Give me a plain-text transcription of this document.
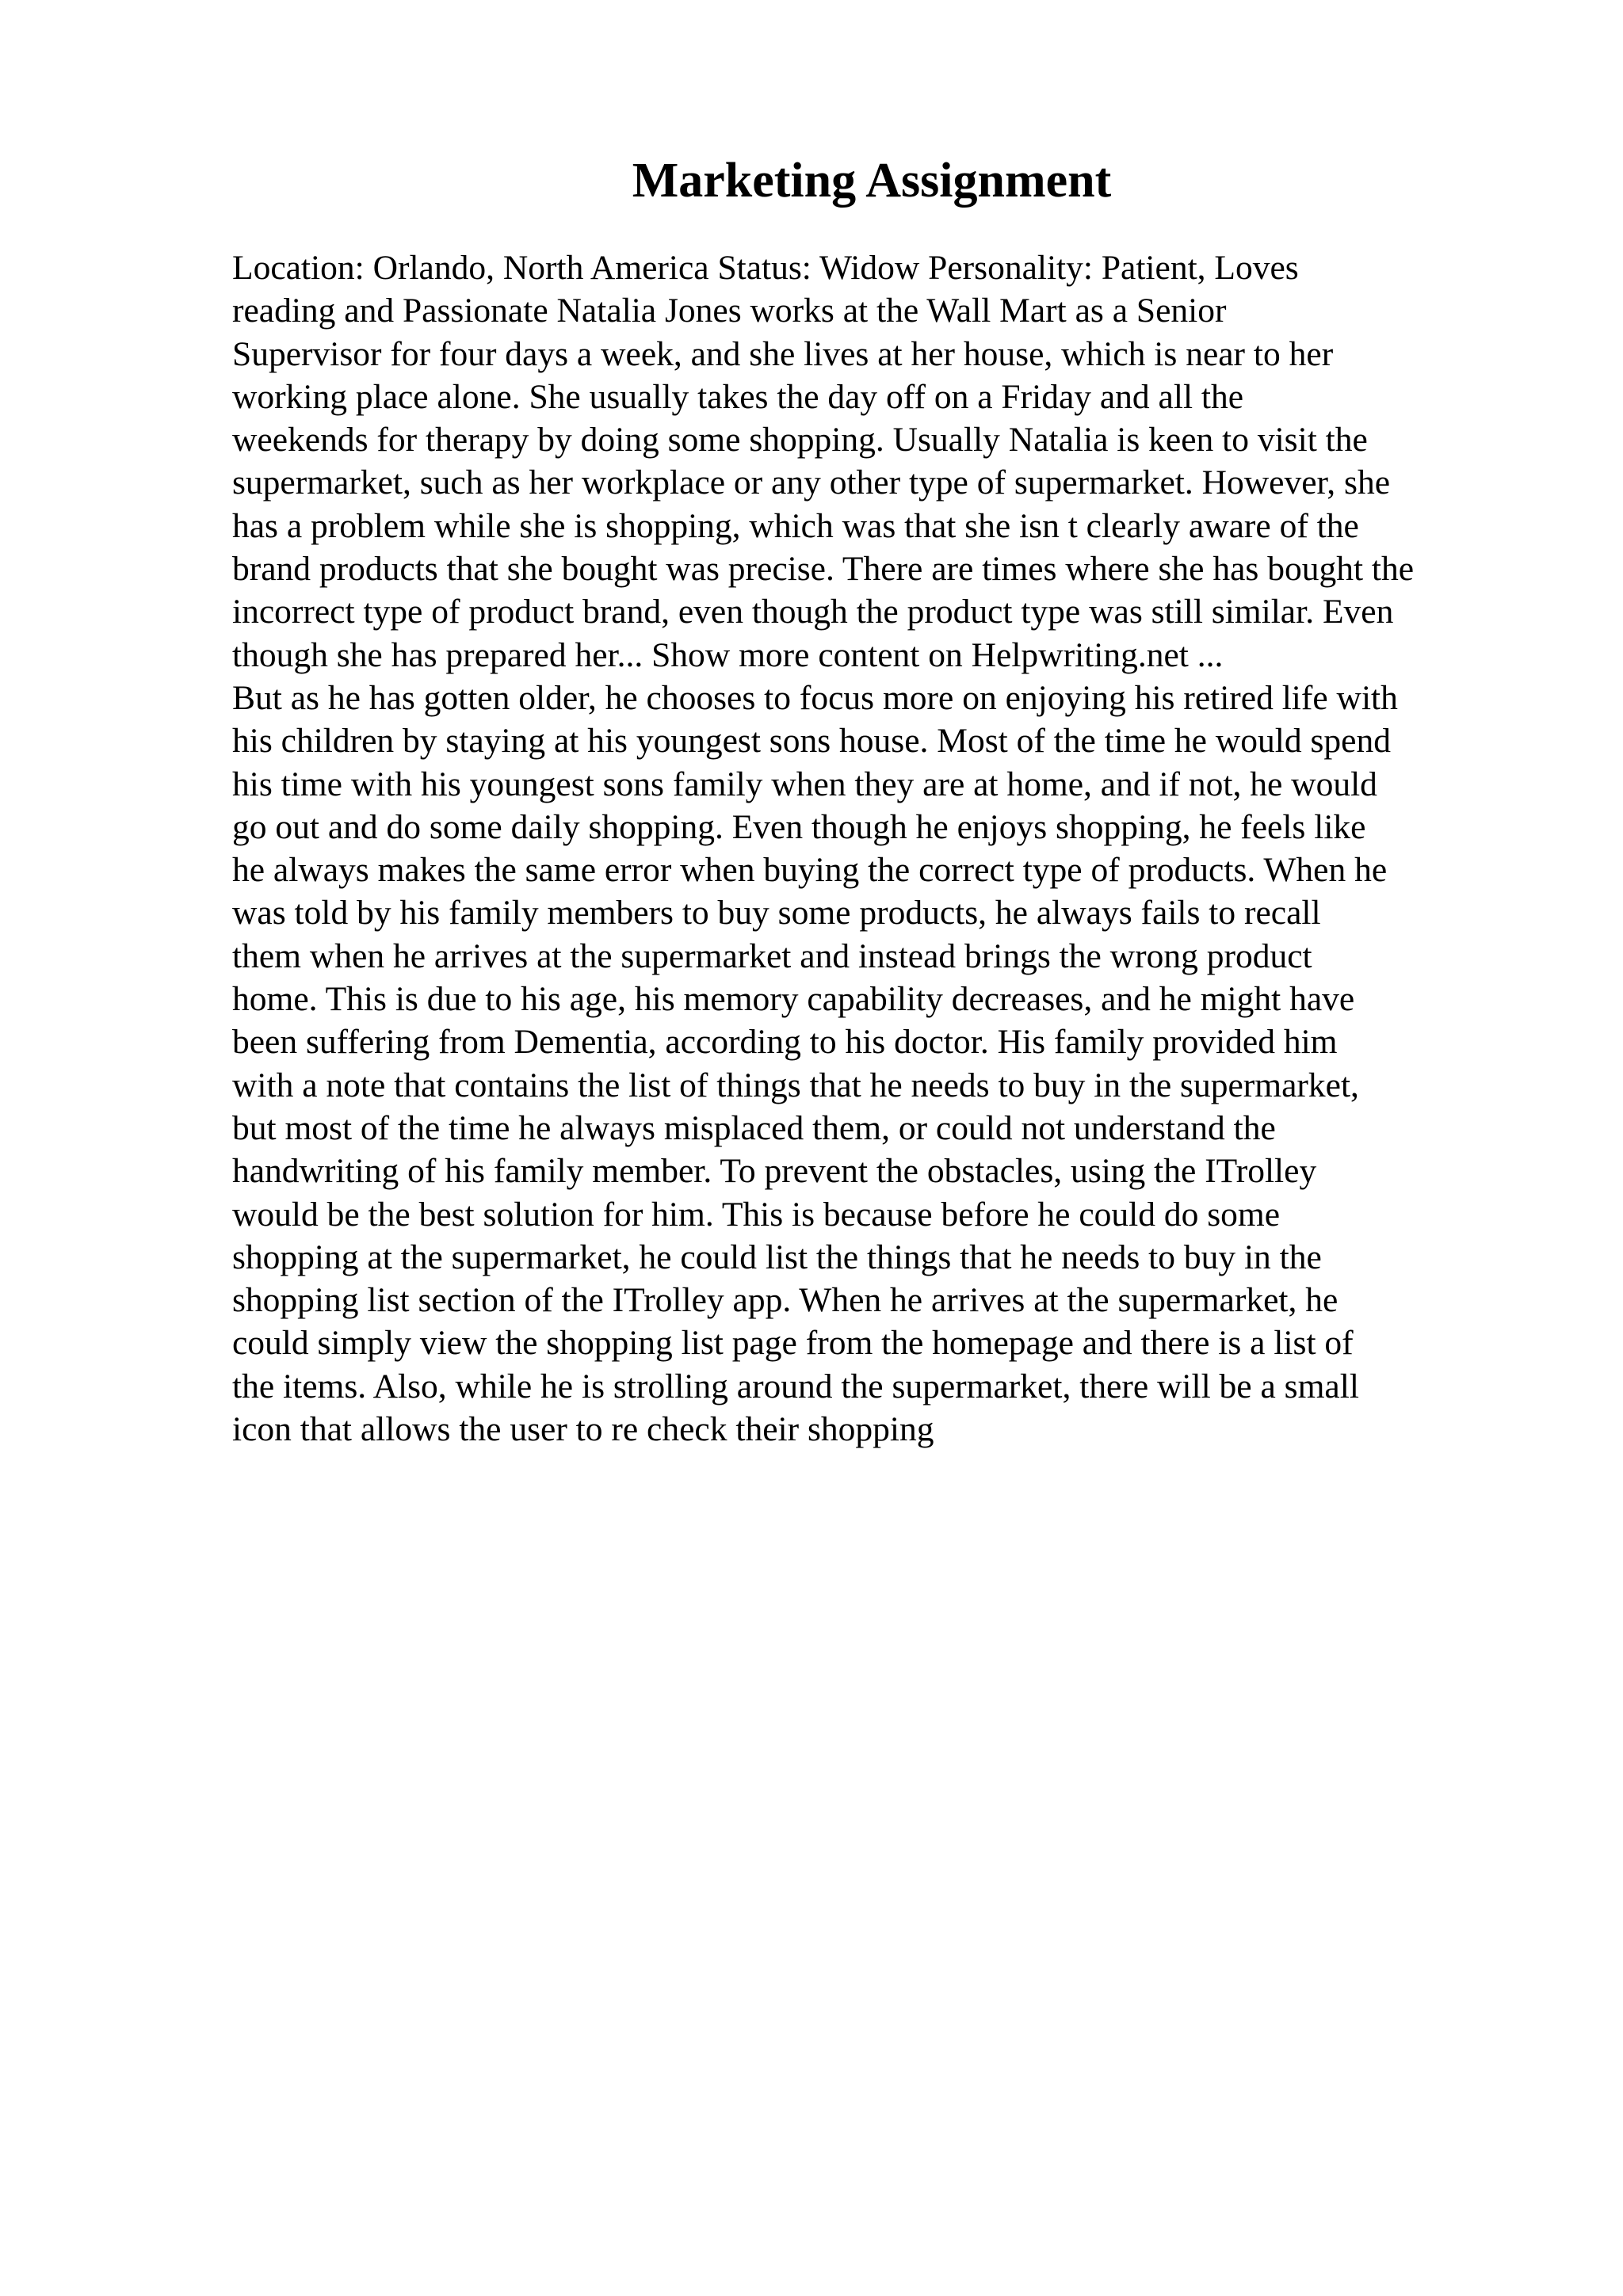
Marketing Assignment
Location: Orlando, North America Status: Widow Personality: Patient, Loves
reading and Passionate Natalia Jones works at the Wall Mart as a Senior
Supervisor for four days a week, and she lives at her house, which is near to her
working place alone. She usually takes the day off on a Friday and all the
weekends for therapy by doing some shopping. Usually Natalia is keen to visit the
supermarket, such as her workplace or any other type of supermarket. However, she
has a problem while she is shopping, which was that she isn t clearly aware of the
brand products that she bought was precise. There are times where she has bought the
incorrect type of product brand, even though the product type was still similar. Even
though she has prepared her... Show more content on Helpwriting.net ...
But as he has gotten older, he chooses to focus more on enjoying his retired life with
his children by staying at his youngest sons house. Most of the time he would spend
his time with his youngest sons family when they are at home, and if not, he would
go out and do some daily shopping. Even though he enjoys shopping, he feels like
he always makes the same error when buying the correct type of products. When he
was told by his family members to buy some products, he always fails to recall
them when he arrives at the supermarket and instead brings the wrong product
home. This is due to his age, his memory capability decreases, and he might have
been suffering from Dementia, according to his doctor. His family provided him
with a note that contains the list of things that he needs to buy in the supermarket,
but most of the time he always misplaced them, or could not understand the
handwriting of his family member. To prevent the obstacles, using the ITrolley
would be the best solution for him. This is because before he could do some
shopping at the supermarket, he could list the things that he needs to buy in the
shopping list section of the ITrolley app. When he arrives at the supermarket, he
could simply view the shopping list page from the homepage and there is a list of
the items. Also, while he is strolling around the supermarket, there will be a small
icon that allows the user to re check their shopping
